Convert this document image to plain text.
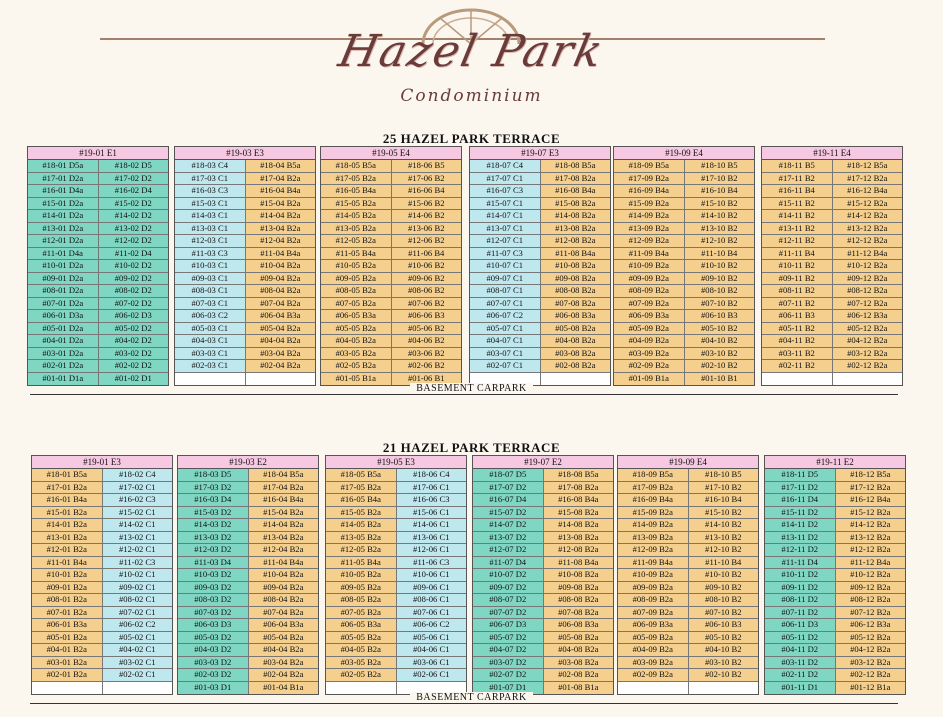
Hazel Park
Condominium
25 HAZEL PARK TERRACE
#19-01 E1
#18-01 D5a	#18-02 D5
#17-01 D2a	#17-02 D2
#16-01 D4a	#16-02 D4
#15-01 D2a	#15-02 D2
#14-01 D2a	#14-02 D2
#13-01 D2a	#13-02 D2
#12-01 D2a	#12-02 D2
#11-01 D4a	#11-02 D4
#10-01 D2a	#10-02 D2
#09-01 D2a	#09-02 D2
#08-01 D2a	#08-02 D2
#07-01 D2a	#07-02 D2
#06-01 D3a	#06-02 D3
#05-01 D2a	#05-02 D2
#04-01 D2a	#04-02 D2
#03-01 D2a	#03-02 D2
#02-01 D2a	#02-02 D2
#01-01 D1a	#01-02 D1
#19-03 E3
#18-03 C4	#18-04 B5a
#17-03 C1	#17-04 B2a
#16-03 C3	#16-04 B4a
#15-03 C1	#15-04 B2a
#14-03 C1	#14-04 B2a
#13-03 C1	#13-04 B2a
#12-03 C1	#12-04 B2a
#11-03 C3	#11-04 B4a
#10-03 C1	#10-04 B2a
#09-03 C1	#09-04 B2a
#08-03 C1	#08-04 B2a
#07-03 C1	#07-04 B2a
#06-03 C2	#06-04 B3a
#05-03 C1	#05-04 B2a
#04-03 C1	#04-04 B2a
#03-03 C1	#03-04 B2a
#02-03 C1	#02-04 B2a
#19-05 E4
#18-05 B5a	#18-06 B5
#17-05 B2a	#17-06 B2
#16-05 B4a	#16-06 B4
#15-05 B2a	#15-06 B2
#14-05 B2a	#14-06 B2
#13-05 B2a	#13-06 B2
#12-05 B2a	#12-06 B2
#11-05 B4a	#11-06 B4
#10-05 B2a	#10-06 B2
#09-05 B2a	#09-06 B2
#08-05 B2a	#08-06 B2
#07-05 B2a	#07-06 B2
#06-05 B3a	#06-06 B3
#05-05 B2a	#05-06 B2
#04-05 B2a	#04-06 B2
#03-05 B2a	#03-06 B2
#02-05 B2a	#02-06 B2
#01-05 B1a	#01-06 B1
#19-07 E3
#18-07 C4	#18-08 B5a
#17-07 C1	#17-08 B2a
#16-07 C3	#16-08 B4a
#15-07 C1	#15-08 B2a
#14-07 C1	#14-08 B2a
#13-07 C1	#13-08 B2a
#12-07 C1	#12-08 B2a
#11-07 C3	#11-08 B4a
#10-07 C1	#10-08 B2a
#09-07 C1	#09-08 B2a
#08-07 C1	#08-08 B2a
#07-07 C1	#07-08 B2a
#06-07 C2	#06-08 B3a
#05-07 C1	#05-08 B2a
#04-07 C1	#04-08 B2a
#03-07 C1	#03-08 B2a
#02-07 C1	#02-08 B2a
#19-09 E4
#18-09 B5a	#18-10 B5
#17-09 B2a	#17-10 B2
#16-09 B4a	#16-10 B4
#15-09 B2a	#15-10 B2
#14-09 B2a	#14-10 B2
#13-09 B2a	#13-10 B2
#12-09 B2a	#12-10 B2
#11-09 B4a	#11-10 B4
#10-09 B2a	#10-10 B2
#09-09 B2a	#09-10 B2
#08-09 B2a	#08-10 B2
#07-09 B2a	#07-10 B2
#06-09 B3a	#06-10 B3
#05-09 B2a	#05-10 B2
#04-09 B2a	#04-10 B2
#03-09 B2a	#03-10 B2
#02-09 B2a	#02-10 B2
#01-09 B1a	#01-10 B1
#19-11 E4
#18-11 B5	#18-12 B5a
#17-11 B2	#17-12 B2a
#16-11 B4	#16-12 B4a
#15-11 B2	#15-12 B2a
#14-11 B2	#14-12 B2a
#13-11 B2	#13-12 B2a
#12-11 B2	#12-12 B2a
#11-11 B4	#11-12 B4a
#10-11 B2	#10-12 B2a
#09-11 B2	#09-12 B2a
#08-11 B2	#08-12 B2a
#07-11 B2	#07-12 B2a
#06-11 B3	#06-12 B3a
#05-11 B2	#05-12 B2a
#04-11 B2	#04-12 B2a
#03-11 B2	#03-12 B2a
#02-11 B2	#02-12 B2a
BASEMENT CARPARK
21 HAZEL PARK TERRACE
#19-01 E3
#18-01 B5a	#18-02 C4
#17-01 B2a	#17-02 C1
#16-01 B4a	#16-02 C3
#15-01 B2a	#15-02 C1
#14-01 B2a	#14-02 C1
#13-01 B2a	#13-02 C1
#12-01 B2a	#12-02 C1
#11-01 B4a	#11-02 C3
#10-01 B2a	#10-02 C1
#09-01 B2a	#09-02 C1
#08-01 B2a	#08-02 C1
#07-01 B2a	#07-02 C1
#06-01 B3a	#06-02 C2
#05-01 B2a	#05-02 C1
#04-01 B2a	#04-02 C1
#03-01 B2a	#03-02 C1
#02-01 B2a	#02-02 C1
#19-03 E2
#18-03 D5	#18-04 B5a
#17-03 D2	#17-04 B2a
#16-03 D4	#16-04 B4a
#15-03 D2	#15-04 B2a
#14-03 D2	#14-04 B2a
#13-03 D2	#13-04 B2a
#12-03 D2	#12-04 B2a
#11-03 D4	#11-04 B4a
#10-03 D2	#10-04 B2a
#09-03 D2	#09-04 B2a
#08-03 D2	#08-04 B2a
#07-03 D2	#07-04 B2a
#06-03 D3	#06-04 B3a
#05-03 D2	#05-04 B2a
#04-03 D2	#04-04 B2a
#03-03 D2	#03-04 B2a
#02-03 D2	#02-04 B2a
#01-03 D1	#01-04 B1a
#19-05 E3
#18-05 B5a	#18-06 C4
#17-05 B2a	#17-06 C1
#16-05 B4a	#16-06 C3
#15-05 B2a	#15-06 C1
#14-05 B2a	#14-06 C1
#13-05 B2a	#13-06 C1
#12-05 B2a	#12-06 C1
#11-05 B4a	#11-06 C3
#10-05 B2a	#10-06 C1
#09-05 B2a	#09-06 C1
#08-05 B2a	#08-06 C1
#07-05 B2a	#07-06 C1
#06-05 B3a	#06-06 C2
#05-05 B2a	#05-06 C1
#04-05 B2a	#04-06 C1
#03-05 B2a	#03-06 C1
#02-05 B2a	#02-06 C1
#19-07 E2
#18-07 D5	#18-08 B5a
#17-07 D2	#17-08 B2a
#16-07 D4	#16-08 B4a
#15-07 D2	#15-08 B2a
#14-07 D2	#14-08 B2a
#13-07 D2	#13-08 B2a
#12-07 D2	#12-08 B2a
#11-07 D4	#11-08 B4a
#10-07 D2	#10-08 B2a
#09-07 D2	#09-08 B2a
#08-07 D2	#08-08 B2a
#07-07 D2	#07-08 B2a
#06-07 D3	#06-08 B3a
#05-07 D2	#05-08 B2a
#04-07 D2	#04-08 B2a
#03-07 D2	#03-08 B2a
#02-07 D2	#02-08 B2a
#01-07 D1	#01-08 B1a
#19-09 E4
#18-09 B5a	#18-10 B5
#17-09 B2a	#17-10 B2
#16-09 B4a	#16-10 B4
#15-09 B2a	#15-10 B2
#14-09 B2a	#14-10 B2
#13-09 B2a	#13-10 B2
#12-09 B2a	#12-10 B2
#11-09 B4a	#11-10 B4
#10-09 B2a	#10-10 B2
#09-09 B2a	#09-10 B2
#08-09 B2a	#08-10 B2
#07-09 B2a	#07-10 B2
#06-09 B3a	#06-10 B3
#05-09 B2a	#05-10 B2
#04-09 B2a	#04-10 B2
#03-09 B2a	#03-10 B2
#02-09 B2a	#02-10 B2
#19-11 E2
#18-11 D5	#18-12 B5a
#17-11 D2	#17-12 B2a
#16-11 D4	#16-12 B4a
#15-11 D2	#15-12 B2a
#14-11 D2	#14-12 B2a
#13-11 D2	#13-12 B2a
#12-11 D2	#12-12 B2a
#11-11 D4	#11-12 B4a
#10-11 D2	#10-12 B2a
#09-11 D2	#09-12 B2a
#08-11 D2	#08-12 B2a
#07-11 D2	#07-12 B2a
#06-11 D3	#06-12 B3a
#05-11 D2	#05-12 B2a
#04-11 D2	#04-12 B2a
#03-11 D2	#03-12 B2a
#02-11 D2	#02-12 B2a
#01-11 D1	#01-12 B1a
BASEMENT CARPARK
